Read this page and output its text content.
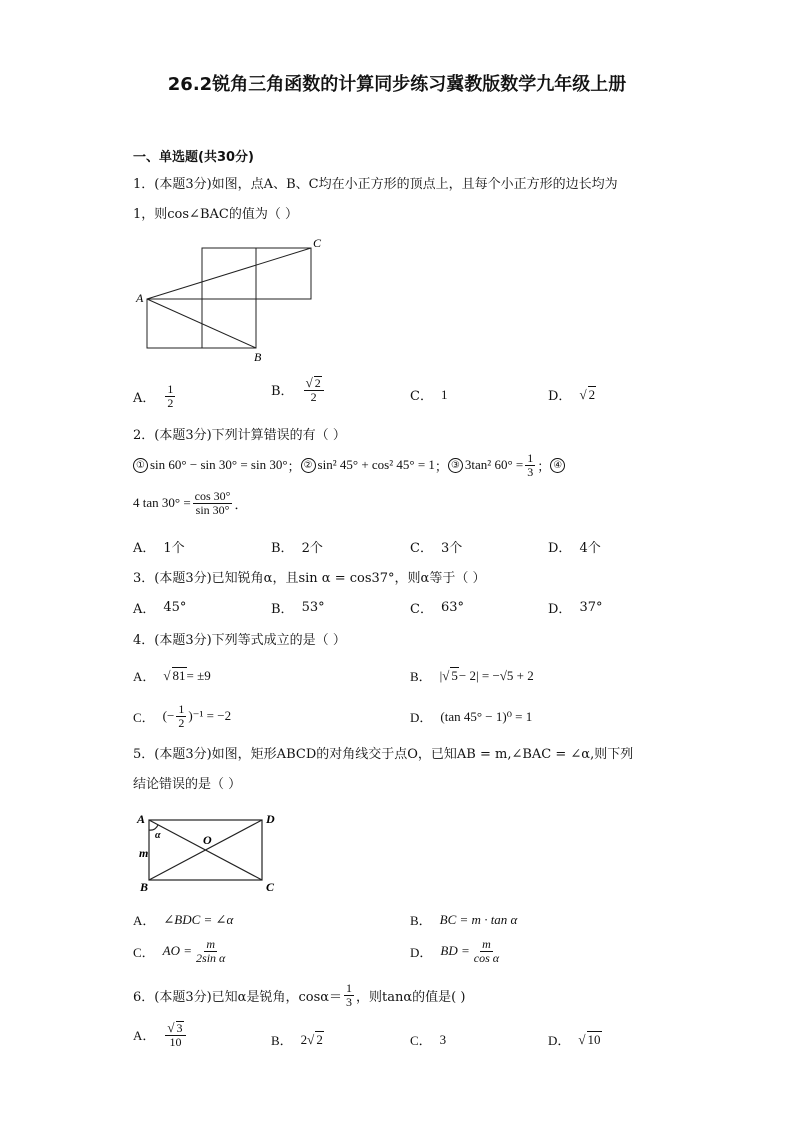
26.2锐角三角函数的计算同步练习冀教版数学九年级上册
一、单选题(共30分)
1．(本题3分)如图，点A、B、C均在小正方形的顶点上，且每个小正方形的边长均为
1，则cos∠BAC的值为（ ）
A
C
B
A． $\frac{1}{2}$	B． $\frac{√ 2}{2}$	C． 1	D． √ 2
2．(本题3分)下列计算错误的有（ ）
① sin 60° − sin 30° = sin 30° ； ② sin² 45° + cos² 45° = 1 ； ③ 3tan² $60^\circ = \frac{1}{3}$ ； ④
4 $\tan 30^\circ = \frac{\cos 30^\circ}{\sin 30^\circ}$ ．
A． 1个	B． 2个	C． 3个	D． 4个
3．(本题3分)已知锐角α，且sin α = cos37°，则α等于（ ）
A． 45°	B． 53°	C． 63°	D． 37°
4．(本题3分)下列等式成立的是（ ）
A． √ 81 = ±9	B． | √ 5 − 2| = −√5 + 2
C． (− $\frac{1}{2} )^{-1} = -2$	D． (tan 45° − 1)⁰ = 1
5．(本题3分)如图，矩形ABCD的对角线交于点O，已知AB = m,∠BAC = ∠α,则下列
结论错误的是（ ）
A	D
B	C
O
m
α
A． ∠BDC = ∠α	B． BC = m · tan α
C． AO = $\frac{m}{\text{2sin α}}$	D． BD = $\frac{m}{\text{cos α}}$
6．(本题3分)已知α是锐角，$\cos\alpha= \frac{1}{3}$ ，则tanα的值是( )
A． $\frac{√ 3}{10}$	B． 2 √ 2	C． 3	D． √ 10
